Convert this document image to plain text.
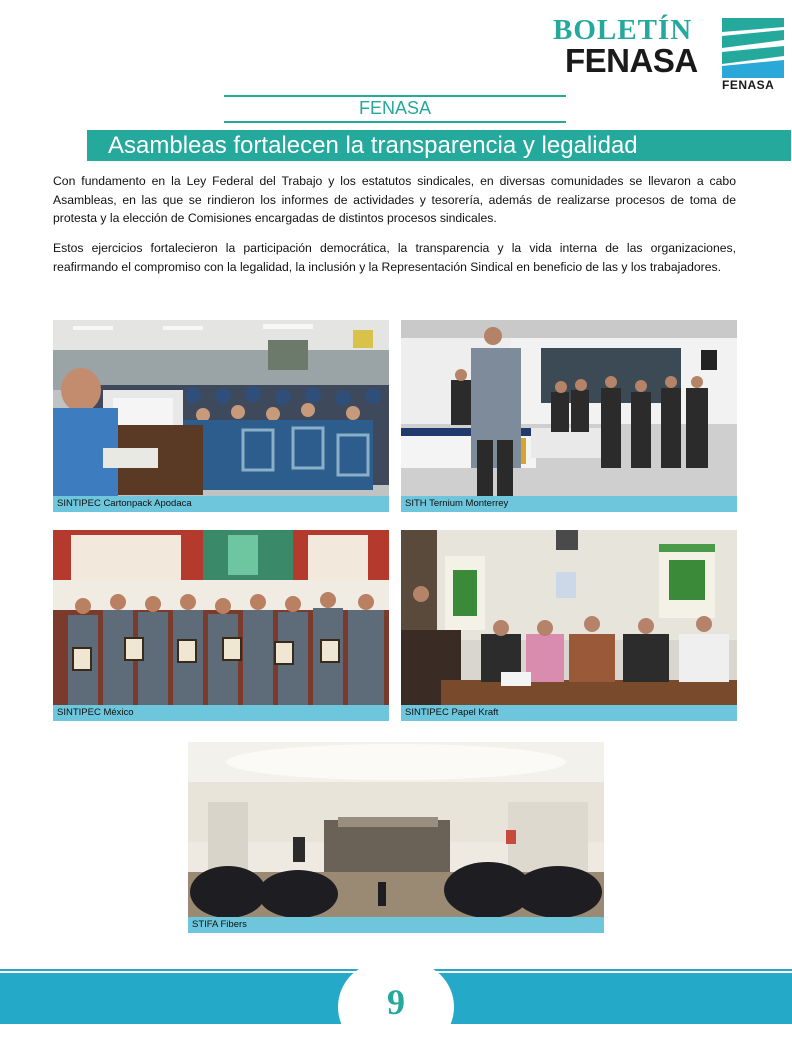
BOLETÍN
FENASA
FENASA
FENASA
Asambleas fortalecen la transparencia y legalidad
Con fundamento en la Ley Federal del Trabajo y los estatutos sindicales, en diversas comunidades se llevaron a cabo Asambleas, en las que se rindieron los informes de actividades y tesorería, además de realizarse procesos de toma de protesta y la elección de Comisiones encargadas de distintos procesos sindicales.
Estos ejercicios fortalecieron la participación democrática, la transparencia y la vida interna de las organizaciones, reafirmando el compromiso con la legalidad, la inclusión y la Representación Sindical en beneficio de las y los trabajadores.
SINTIPEC Cartonpack Apodaca	SITH Ternium Monterrey
SINTIPEC México	SINTIPEC Papel Kraft
STIFA Fibers
9
